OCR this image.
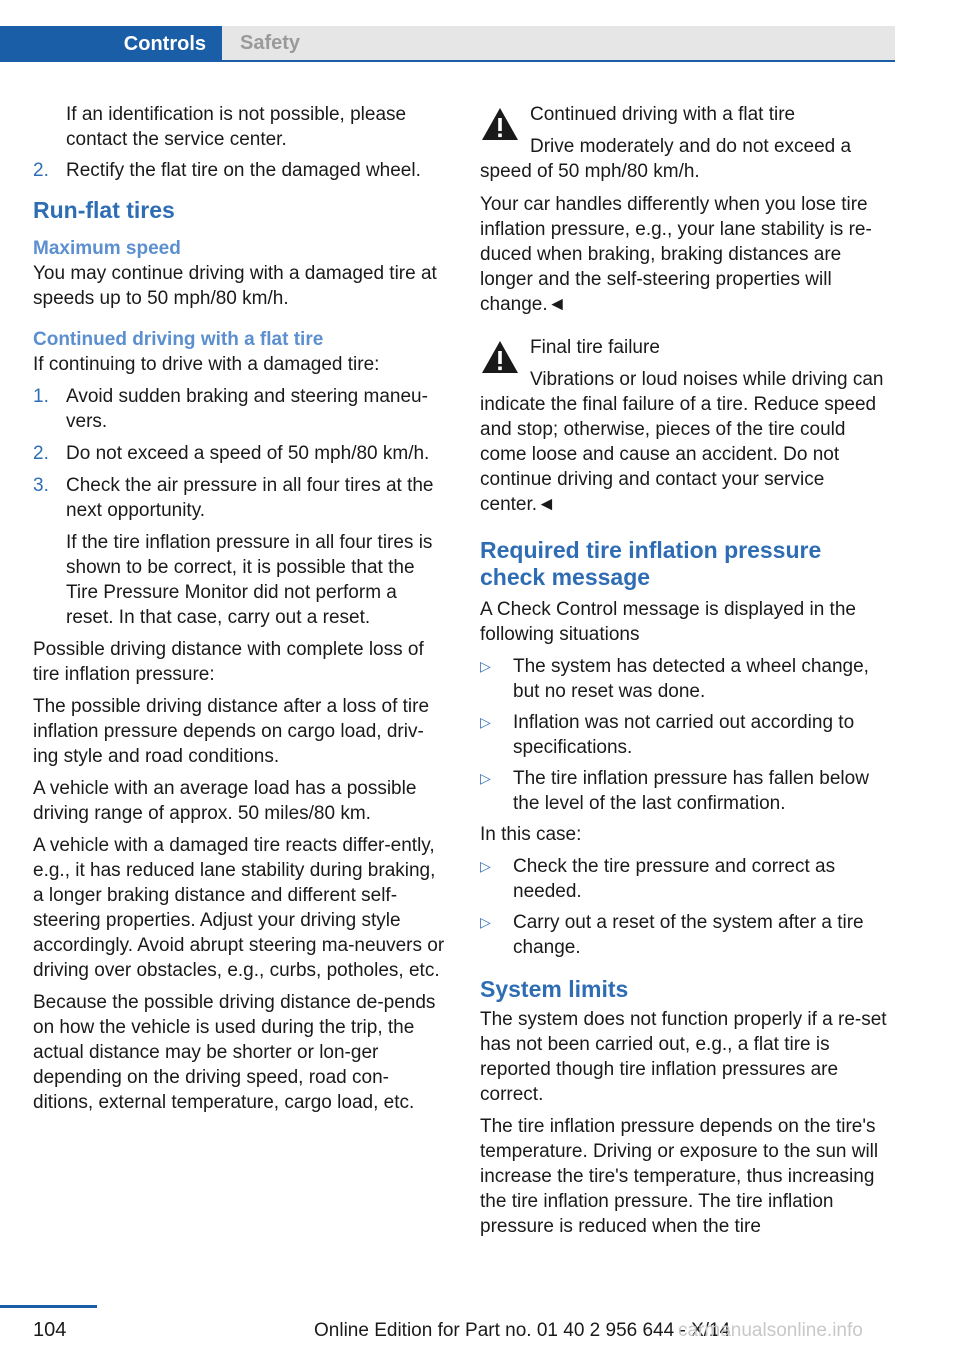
Controls	Safety

If an identification is not possible, please contact the service center.

2. Rectify the flat tire on the damaged wheel.
Run-flat tires
Maximum speed

You may continue driving with a damaged tire at speeds up to 50 mph/80 km/h.

Continued driving with a flat tire

If continuing to drive with a damaged tire:

1. Avoid sudden braking and steering maneu‐vers.
2. Do not exceed a speed of 50 mph/80 km/h.
3. Check the air pressure in all four tires at the next opportunity.

If the tire inflation pressure in all four tires is shown to be correct, it is possible that the Tire Pressure Monitor did not perform a reset. In that case, carry out a reset.

Possible driving distance with complete loss of tire inflation pressure:

The possible driving distance after a loss of tire inflation pressure depends on cargo load, driv‐ing style and road conditions.

A vehicle with an average load has a possible driving range of approx. 50 miles/80 km.

A vehicle with a damaged tire reacts differ‐ently, e.g., it has reduced lane stability during braking, a longer braking distance and different self-steering properties. Adjust your driving style accordingly. Avoid abrupt steering ma‐neuvers or driving over obstacles, e.g., curbs, potholes, etc.

Because the possible driving distance de‐pends on how the vehicle is used during the trip, the actual distance may be shorter or lon‐ger depending on the driving speed, road con‐ditions, external temperature, cargo load, etc.

Continued driving with a flat tire
Drive moderately and do not exceed a speed of 50 mph/80 km/h.

Your car handles differently when you lose tire inflation pressure, e.g., your lane stability is re‐duced when braking, braking distances are longer and the self-steering properties will change.◄

Final tire failure
Vibrations or loud noises while driving can indicate the final failure of a tire. Reduce speed and stop; otherwise, pieces of the tire could come loose and cause an accident. Do not continue driving and contact your service center.◄
Required tire inflation pressure check message

A Check Control message is displayed in the following situations

▷	The system has detected a wheel change, but no reset was done.
▷	Inflation was not carried out according to specifications.
▷	The tire inflation pressure has fallen below the level of the last confirmation.

In this case:

▷	Check the tire pressure and correct as needed.
▷	Carry out a reset of the system after a tire change.
System limits

The system does not function properly if a re‐set has not been carried out, e.g., a flat tire is reported though tire inflation pressures are correct.

The tire inflation pressure depends on the tire's temperature. Driving or exposure to the sun will increase the tire's temperature, thus increasing the tire inflation pressure. The tire inflation pressure is reduced when the tire

104	Online Edition for Part no. 01 40 2 956 644 - X/14
carmanualsonline.info
